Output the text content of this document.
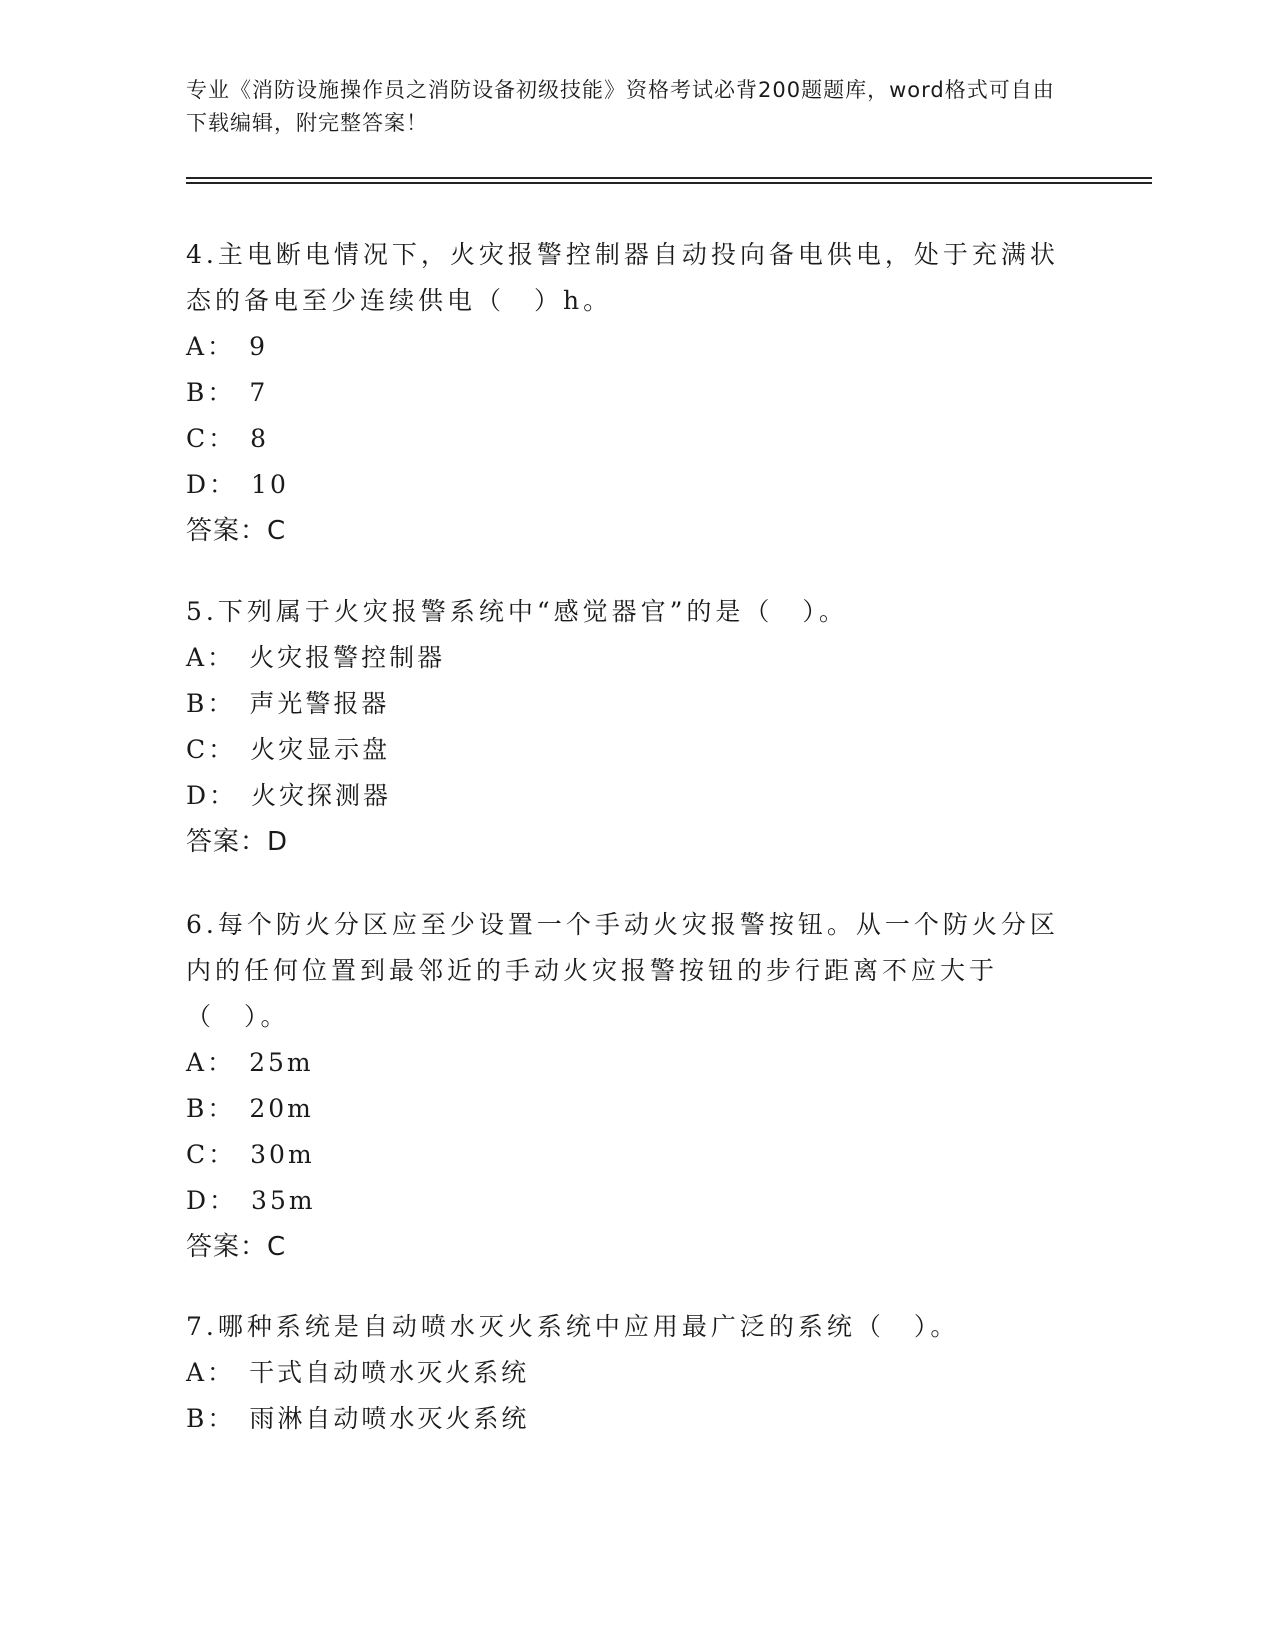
专业《消防设施操作员之消防设备初级技能》资格考试必背200题题库，word格式可自由下载编辑，附完整答案！

4.主电断电情况下，火灾报警控制器自动投向备电供电，处于充满状态的备电至少连续供电（　）h。

A： 9
B： 7
C： 8
D： 10
答案：C

5.下列属于火灾报警系统中“感觉器官”的是（　）。

A： 火灾报警控制器
B： 声光警报器
C： 火灾显示盘
D： 火灾探测器
答案：D

6.每个防火分区应至少设置一个手动火灾报警按钮。从一个防火分区内的任何位置到最邻近的手动火灾报警按钮的步行距离不应大于（　）。

A： 25m
B： 20m
C： 30m
D： 35m
答案：C

7.哪种系统是自动喷水灭火系统中应用最广泛的系统（　）。

A： 干式自动喷水灭火系统
B： 雨淋自动喷水灭火系统
